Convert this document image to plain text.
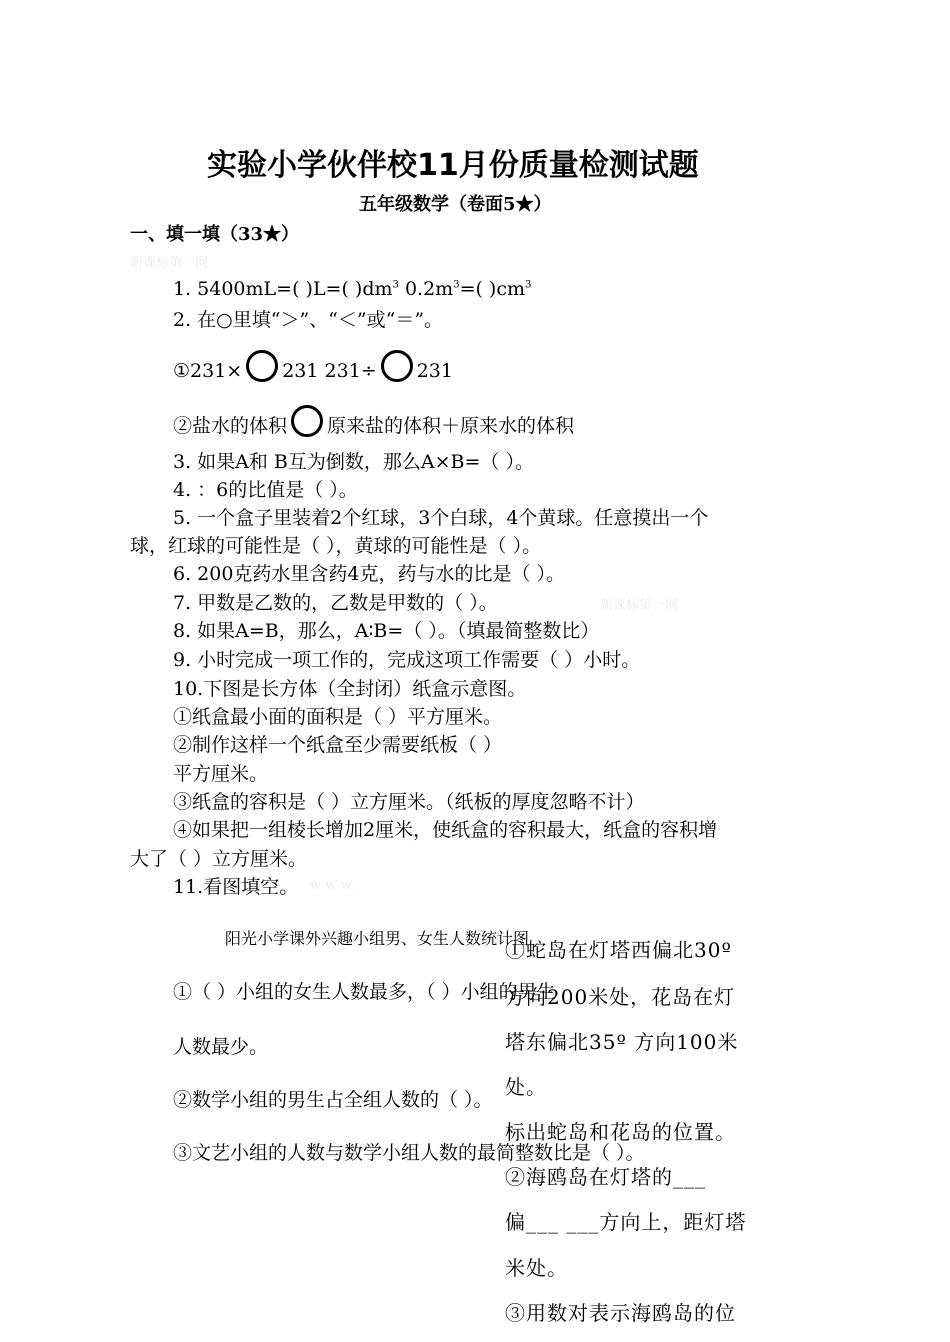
实验小学伙伴校11月份质量检测试题
五年级数学（卷面5★）
一、填一填（33★）
新课标第一网
1. 5400mL=( )L=( )$dm^3$ $0.2m^3=$( )$cm^3$
2. 在○里填“＞”、“＜”或“＝”。
①231× 231 231÷ 231
②盐水的体积 原来盐的体积＋原来水的体积
3. 如果A和 B互为倒数，那么A×B=（ ）。
4. ：6的比值是（ ）。
5. 一个盒子里装着2个红球，3个白球，4个黄球。任意摸出一个
球，红球的可能性是（ ），黄球的可能性是（ ）。
6. 200克药水里含药4克，药与水的比是（ ）。
7. 甲数是乙数的，乙数是甲数的（ ）。	新课标第一网
8. 如果A=B，那么，A∶B=（ ）。（填最简整数比）
9. 小时完成一项工作的，完成这项工作需要（ ）小时。
10.下图是长方体（全封闭）纸盒示意图。
①纸盒最小面的面积是（ ）平方厘米。
②制作这样一个纸盒至少需要纸板（ ）
平方厘米。
③纸盒的容积是（ ）立方厘米。（纸板的厚度忽略不计）
④如果把一组棱长增加2厘米，使纸盒的容积最大，纸盒的容积增
大了（ ）立方厘米。
11.看图填空。 w w w.
阳光小学课外兴趣小组男、女生人数统计图
①（ ）小组的女生人数最多，（ ）小组的男生
人数最少。
②数学小组的男生占全组人数的（ ）。
③文艺小组的人数与数学小组人数的最简整数比是（ ）。
①蛇岛在灯塔西偏北30º
方向200米处，花岛在灯
塔东偏北35º 方向100米
处。
标出蛇岛和花岛的位置。
②海鸥岛在灯塔的___
偏___ ___方向上，距灯塔
米处。
③用数对表示海鸥岛的位
